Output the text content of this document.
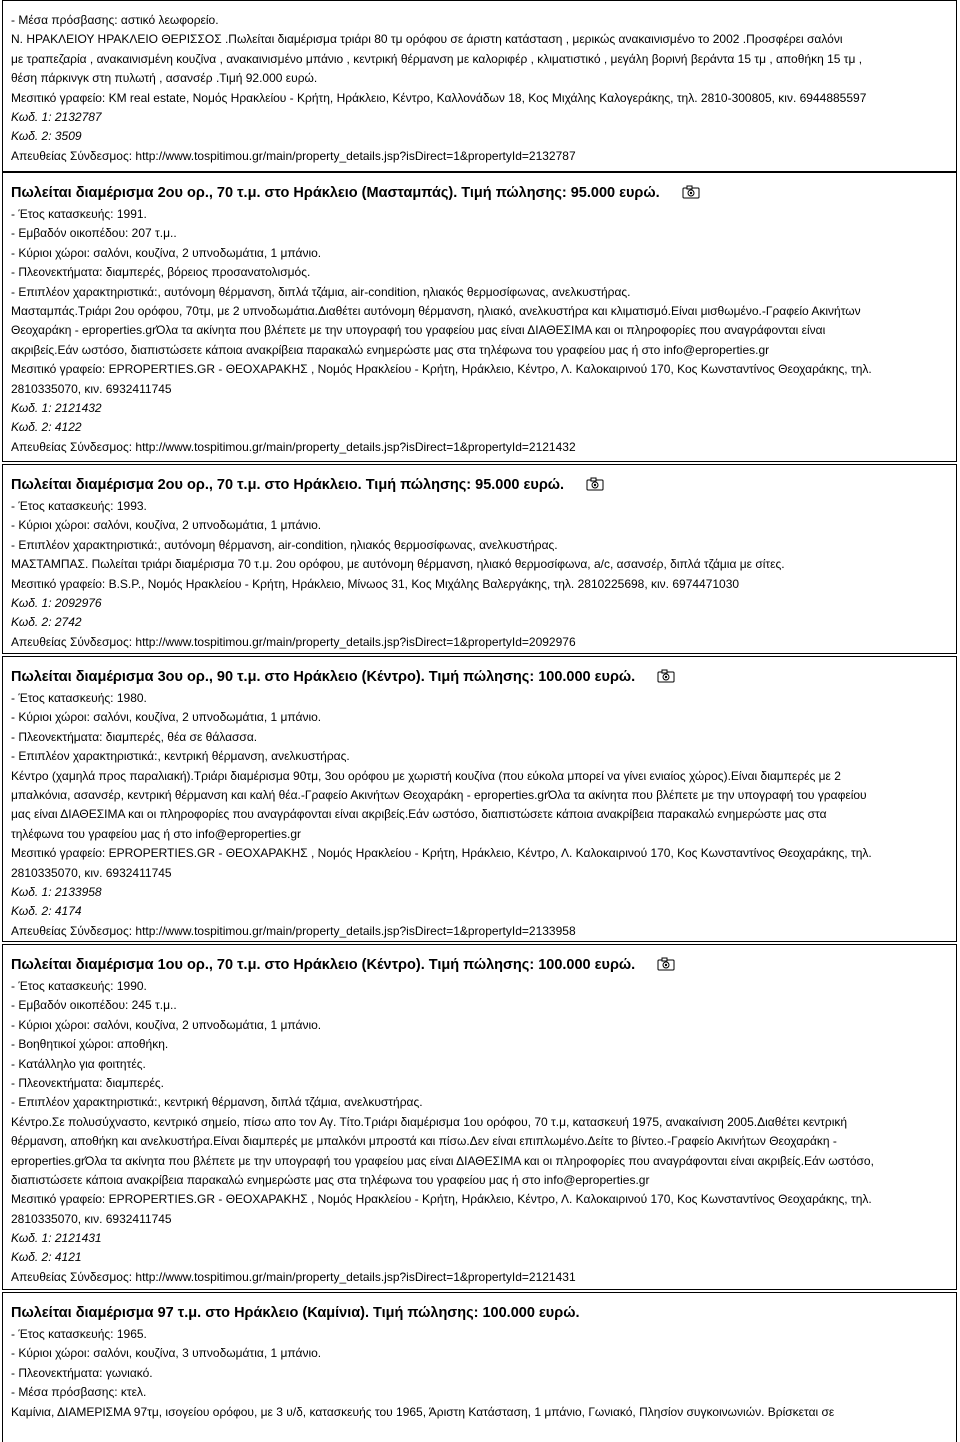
- Μέσα πρόσβασης: αστικό λεωφορείο.
Ν. ΗΡΑΚΛΕΙΟΥ ΗΡΑΚΛΕΙΟ ΘΕΡΙΣΣΟΣ .Πωλείται διαμέρισμα τριάρι 80 τμ ορόφου σε άριστη κατάσταση , μερικώς ανακαινισμένο το 2002 .Προσφέρει σαλόνι
με τραπεζαρία , ανακαινισμένη κουζίνα , ανακαινισμένο μπάνιο , κεντρική θέρμανση με καλοριφέρ , κλιματιστικό , μεγάλη βορινή βεράντα 15 τμ , αποθήκη 15 τμ ,
θέση πάρκινγκ στη πυλωτή , ασανσέρ .Τιμή 92.000 ευρώ.
Μεσιτικό γραφείο: KM real estate, Νομός Ηρακλείου - Κρήτη, Ηράκλειο, Κέντρο, Καλλονάδων 18, Κος Μιχάλης Καλογεράκης, τηλ. 2810-300805, κιν. 6944885597
Κωδ. 1: 2132787
Κωδ. 2: 3509
Απευθείας Σύνδεσμος: http://www.tospitimou.gr/main/property_details.jsp?isDirect=1&propertyId=2132787
Πωλείται διαμέρισμα 2ου ορ., 70 τ.μ. στο Ηράκλειο (Μασταμπάς). Τιμή πώλησης: 95.000 ευρώ.
- Έτος κατασκευής: 1991.
- Εμβαδόν οικοπέδου: 207 τ.μ..
- Κύριοι χώροι: σαλόνι, κουζίνα, 2 υπνοδωμάτια, 1 μπάνιο.
- Πλεονεκτήματα: διαμπερές, βόρειος προσανατολισμός.
- Επιπλέον χαρακτηριστικά:, αυτόνομη θέρμανση, διπλά τζάμια, air-condition, ηλιακός θερμοσίφωνας, ανελκυστήρας.
Μασταμπάς.Τριάρι 2ου ορόφου, 70τμ, με 2 υπνοδωμάτια.Διαθέτει αυτόνομη θέρμανση, ηλιακό, ανελκυστήρα και κλιματισμό.Είναι μισθωμένο.-Γραφείο Ακινήτων
Θεοχαράκη - eproperties.grΌλα τα ακίνητα που βλέπετε με την υπογραφή του γραφείου μας είναι ΔΙΑΘΕΣΙΜΑ και οι πληροφορίες που αναγράφονται είναι
ακριβείς.Εάν ωστόσο, διαπιστώσετε κάποια ανακρίβεια παρακαλώ ενημερώστε μας στα τηλέφωνα του γραφείου μας ή στο info@eproperties.gr
Μεσιτικό γραφείο: EPROPERTIES.GR - ΘΕΟΧΑΡΑΚΗΣ , Νομός Ηρακλείου - Κρήτη, Ηράκλειο, Κέντρο, Λ. Καλοκαιρινού 170, Κος Κωνσταντίνος Θεοχαράκης, τηλ.
2810335070, κιν. 6932411745
Κωδ. 1: 2121432
Κωδ. 2: 4122
Απευθείας Σύνδεσμος: http://www.tospitimou.gr/main/property_details.jsp?isDirect=1&propertyId=2121432
Πωλείται διαμέρισμα 2ου ορ., 70 τ.μ. στο Ηράκλειο. Τιμή πώλησης: 95.000 ευρώ.
- Έτος κατασκευής: 1993.
- Κύριοι χώροι: σαλόνι, κουζίνα, 2 υπνοδωμάτια, 1 μπάνιο.
- Επιπλέον χαρακτηριστικά:, αυτόνομη θέρμανση, air-condition, ηλιακός θερμοσίφωνας, ανελκυστήρας.
ΜΑΣΤΑΜΠΑΣ. Πωλείται τριάρι διαμέρισμα 70 τ.μ. 2ου ορόφου, με αυτόνομη θέρμανση, ηλιακό θερμοσίφωνα, a/c, ασανσέρ, διπλά τζάμια με σίτες.
Μεσιτικό γραφείο: B.S.P., Νομός Ηρακλείου - Κρήτη, Ηράκλειο, Μίνωος 31, Κος Μιχάλης Βαλεργάκης, τηλ. 2810225698, κιν. 6974471030
Κωδ. 1: 2092976
Κωδ. 2: 2742
Απευθείας Σύνδεσμος: http://www.tospitimou.gr/main/property_details.jsp?isDirect=1&propertyId=2092976
Πωλείται διαμέρισμα 3ου ορ., 90 τ.μ. στο Ηράκλειο (Κέντρο). Τιμή πώλησης: 100.000 ευρώ.
- Έτος κατασκευής: 1980.
- Κύριοι χώροι: σαλόνι, κουζίνα, 2 υπνοδωμάτια, 1 μπάνιο.
- Πλεονεκτήματα: διαμπερές, θέα σε θάλασσα.
- Επιπλέον χαρακτηριστικά:, κεντρική θέρμανση, ανελκυστήρας.
Κέντρο (χαμηλά προς παραλιακή).Τριάρι διαμέρισμα 90τμ, 3ου ορόφου με χωριστή κουζίνα (που εύκολα μπορεί να γίνει ενιαίος χώρος).Είναι διαμπερές με 2
μπαλκόνια, ασανσέρ, κεντρική θέρμανση και καλή θέα.-Γραφείο Ακινήτων Θεοχαράκη - eproperties.grΌλα τα ακίνητα που βλέπετε με την υπογραφή του γραφείου
μας είναι ΔΙΑΘΕΣΙΜΑ και οι πληροφορίες που αναγράφονται είναι ακριβείς.Εάν ωστόσο, διαπιστώσετε κάποια ανακρίβεια παρακαλώ ενημερώστε μας στα
τηλέφωνα του γραφείου μας ή στο info@eproperties.gr
Μεσιτικό γραφείο: EPROPERTIES.GR - ΘΕΟΧΑΡΑΚΗΣ , Νομός Ηρακλείου - Κρήτη, Ηράκλειο, Κέντρο, Λ. Καλοκαιρινού 170, Κος Κωνσταντίνος Θεοχαράκης, τηλ.
2810335070, κιν. 6932411745
Κωδ. 1: 2133958
Κωδ. 2: 4174
Απευθείας Σύνδεσμος: http://www.tospitimou.gr/main/property_details.jsp?isDirect=1&propertyId=2133958
Πωλείται διαμέρισμα 1ου ορ., 70 τ.μ. στο Ηράκλειο (Κέντρο). Τιμή πώλησης: 100.000 ευρώ.
- Έτος κατασκευής: 1990.
- Εμβαδόν οικοπέδου: 245 τ.μ..
- Κύριοι χώροι: σαλόνι, κουζίνα, 2 υπνοδωμάτια, 1 μπάνιο.
- Βοηθητικοί χώροι: αποθήκη.
- Κατάλληλο για φοιτητές.
- Πλεονεκτήματα: διαμπερές.
- Επιπλέον χαρακτηριστικά:, κεντρική θέρμανση, διπλά τζάμια, ανελκυστήρας.
Κέντρο.Σε πολυσύχναστο, κεντρικό σημείο, πίσω απο τον Αγ. Τίτο.Τριάρι διαμέρισμα 1ου ορόφου, 70 τ.μ, κατασκευή 1975, ανακαίνιση 2005.Διαθέτει κεντρική
θέρμανση, αποθήκη και ανελκυστήρα.Είναι διαμπερές με μπαλκόνι μπροστά και πίσω.Δεν είναι επιπλωμένο.Δείτε το βίντεο.-Γραφείο Ακινήτων Θεοχαράκη -
eproperties.grΌλα τα ακίνητα που βλέπετε με την υπογραφή του γραφείου μας είναι ΔΙΑΘΕΣΙΜΑ και οι πληροφορίες που αναγράφονται είναι ακριβείς.Εάν ωστόσο,
διαπιστώσετε κάποια ανακρίβεια παρακαλώ ενημερώστε μας στα τηλέφωνα του γραφείου μας ή στο info@eproperties.gr
Μεσιτικό γραφείο: EPROPERTIES.GR - ΘΕΟΧΑΡΑΚΗΣ , Νομός Ηρακλείου - Κρήτη, Ηράκλειο, Κέντρο, Λ. Καλοκαιρινού 170, Κος Κωνσταντίνος Θεοχαράκης, τηλ.
2810335070, κιν. 6932411745
Κωδ. 1: 2121431
Κωδ. 2: 4121
Απευθείας Σύνδεσμος: http://www.tospitimou.gr/main/property_details.jsp?isDirect=1&propertyId=2121431
Πωλείται διαμέρισμα 97 τ.μ. στο Ηράκλειο (Καμίνια). Τιμή πώλησης: 100.000 ευρώ.
- Έτος κατασκευής: 1965.
- Κύριοι χώροι: σαλόνι, κουζίνα, 3 υπνοδωμάτια, 1 μπάνιο.
- Πλεονεκτήματα: γωνιακό.
- Μέσα πρόσβασης: κτελ.
Καμίνια, ΔΙΑΜΕΡΙΣΜΑ 97τμ, ισογείου ορόφου, με 3 υ/δ, κατασκευής του 1965, Άριστη Κατάσταση, 1 μπάνιο, Γωνιακό, Πλησίον συγκοινωνιών. Βρίσκεται σε
